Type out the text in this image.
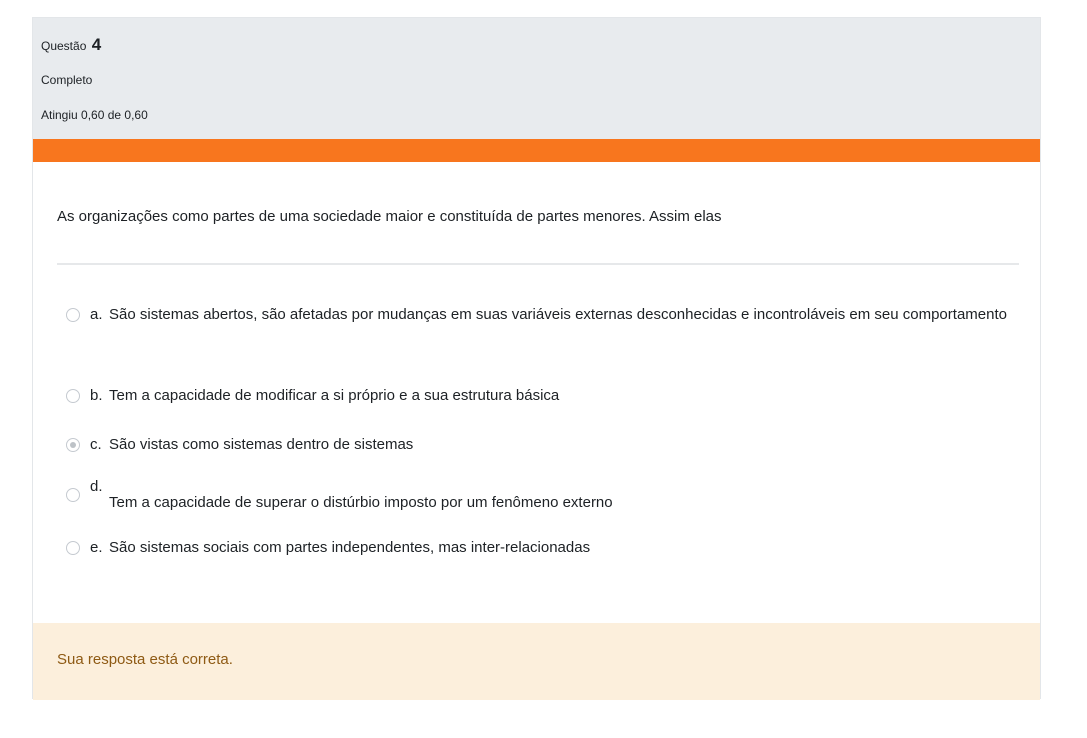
Questão 4
Completo
Atingiu 0,60 de 0,60
As organizações como partes de uma sociedade maior e constituída de partes menores. Assim elas
a. São sistemas abertos, são afetadas por mudanças em suas variáveis externas desconhecidas e incontroláveis em seu comportamento
b. Tem a capacidade de modificar a si próprio e a sua estrutura básica
c. São vistas como sistemas dentro de sistemas
d.
Tem a capacidade de superar o distúrbio imposto por um fenômeno externo
e. São sistemas sociais com partes independentes, mas inter-relacionadas
Sua resposta está correta.
